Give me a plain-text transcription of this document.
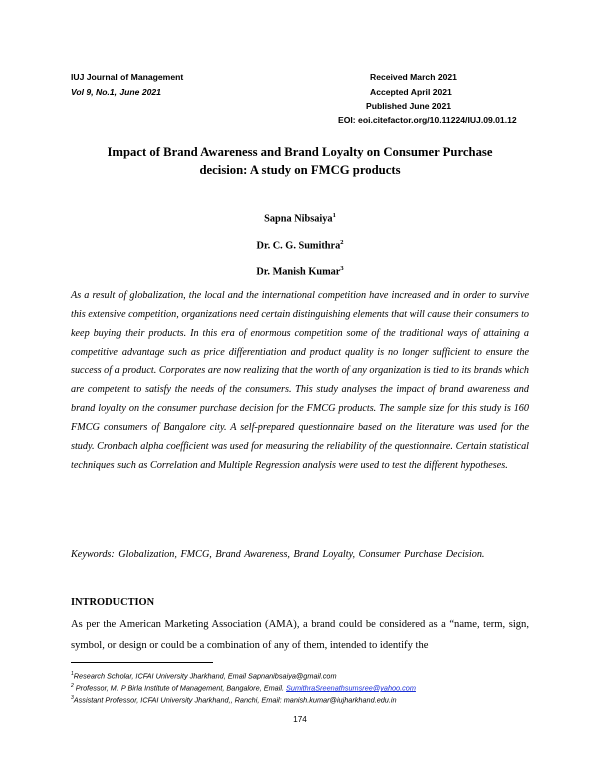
IUJ Journal of Management
Vol 9, No.1, June 2021
Received March 2021
Accepted April 2021
Published June 2021
EOI: eoi.citefactor.org/10.11224/IUJ.09.01.12
Impact of Brand Awareness and Brand Loyalty on Consumer Purchase
decision: A study on FMCG products
Sapna Nibsaiya$^1$
Dr. C. G. Sumithra$^2$
Dr. Manish Kumar$^3$

As a result of globalization, the local and the international competition have increased and in order to survive this extensive competition, organizations need certain distinguishing elements that will cause their consumers to keep buying their products. In this era of enormous competition some of the traditional ways of attaining a competitive advantage such as price differentiation and product quality is no longer sufficient to ensure the success of a product. Corporates are now realizing that the worth of any organization is tied to its brands which are competent to satisfy the needs of the consumers. This study analyses the impact of brand awareness and brand loyalty on the consumer purchase decision for the FMCG products. The sample size for this study is 160 FMCG consumers of Bangalore city. A self-prepared questionnaire based on the literature was used for the study. Cronbach alpha coefficient was used for measuring the reliability of the questionnaire. Certain statistical techniques such as Correlation and Multiple Regression analysis were used to test the different hypotheses.

Keywords: Globalization, FMCG, Brand Awareness, Brand Loyalty, Consumer Purchase Decision.

INTRODUCTION

As per the American Marketing Association (AMA), a brand could be considered as a “name, term, sign, symbol, or design or could be a combination of any of them, intended to identify the

$^1$Research Scholar, ICFAI University Jharkhand, Email Sapnanibsaiya@gmail.com
$^2$ Professor, M. P Birla Institute of Management, Bangalore, Email. SumithraSreenathsumsree@yahoo.com
$^3$Assistant Professor, ICFAI University Jharkhand,, Ranchi, Email: manish.kumar@iujharkhand.edu.in
174
